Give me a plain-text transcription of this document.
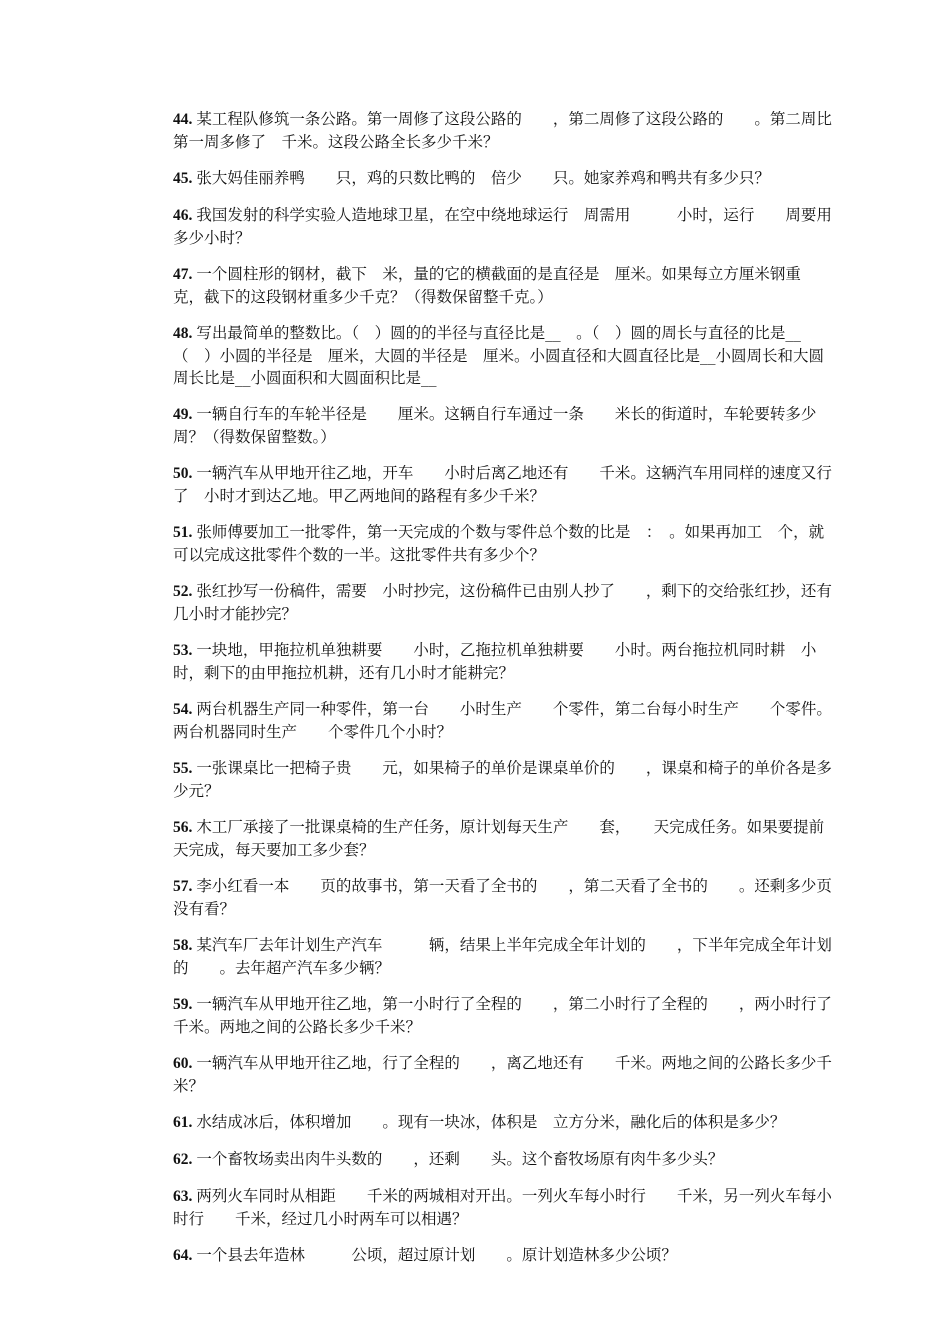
44. 某工程队修筑一条公路。第一周修了这段公路的　　，第二周修了这段公路的　　。第二周比第一周多修了　千米。这段公路全长多少千米？

45. 张大妈佳丽养鸭　　只，鸡的只数比鸭的　倍少　　只。她家养鸡和鸭共有多少只？

46. 我国发射的科学实验人造地球卫星，在空中绕地球运行　周需用　　　小时，运行　　周要用多少小时？

47. 一个圆柱形的钢材，截下　米，量的它的横截面的是直径是　厘米。如果每立方厘米钢重　　克，截下的这段钢材重多少千克？（得数保留整千克。）

48. 写出最简单的整数比。（　）圆的的半径与直径比是__　。（　）圆的周长与直径的比是__（　）小圆的半径是　厘米，大圆的半径是　厘米。小圆直径和大圆直径比是__小圆周长和大圆周长比是__小圆面积和大圆面积比是__

49. 一辆自行车的车轮半径是　　厘米。这辆自行车通过一条　　米长的街道时，车轮要转多少周？（得数保留整数。）

50. 一辆汽车从甲地开往乙地，开车　　小时后离乙地还有　　千米。这辆汽车用同样的速度又行了　小时才到达乙地。甲乙两地间的路程有多少千米？

51. 张师傅要加工一批零件，第一天完成的个数与零件总个数的比是　：　。如果再加工　个，就可以完成这批零件个数的一半。这批零件共有多少个？

52. 张红抄写一份稿件，需要　小时抄完，这份稿件已由别人抄了　　，剩下的交给张红抄，还有几小时才能抄完？

53. 一块地，甲拖拉机单独耕要　　小时，乙拖拉机单独耕要　　小时。两台拖拉机同时耕　小时，剩下的由甲拖拉机耕，还有几小时才能耕完？

54. 两台机器生产同一种零件，第一台　　小时生产　　个零件，第二台每小时生产　　个零件。两台机器同时生产　　个零件几个小时？

55. 一张课桌比一把椅子贵　　元，如果椅子的单价是课桌单价的　　，课桌和椅子的单价各是多少元？

56. 木工厂承接了一批课桌椅的生产任务，原计划每天生产　　套，　　天完成任务。如果要提前　天完成，每天要加工多少套？

57. 李小红看一本　　页的故事书，第一天看了全书的　　，第二天看了全书的　　。还剩多少页没有看？

58. 某汽车厂去年计划生产汽车　　　辆，结果上半年完成全年计划的　　，下半年完成全年计划的　　。去年超产汽车多少辆？

59. 一辆汽车从甲地开往乙地，第一小时行了全程的　　，第二小时行了全程的　　，两小时行了　　千米。两地之间的公路长多少千米？

60. 一辆汽车从甲地开往乙地，行了全程的　　，离乙地还有　　千米。两地之间的公路长多少千米？

61. 水结成冰后，体积增加　　。现有一块冰，体积是　立方分米，融化后的体积是多少？

62. 一个畜牧场卖出肉牛头数的　　，还剩　　头。这个畜牧场原有肉牛多少头？

63. 两列火车同时从相距　　千米的两城相对开出。一列火车每小时行　　千米，另一列火车每小时行　　千米，经过几小时两车可以相遇？

64. 一个县去年造林　　　公顷，超过原计划　　。原计划造林多少公顷？
